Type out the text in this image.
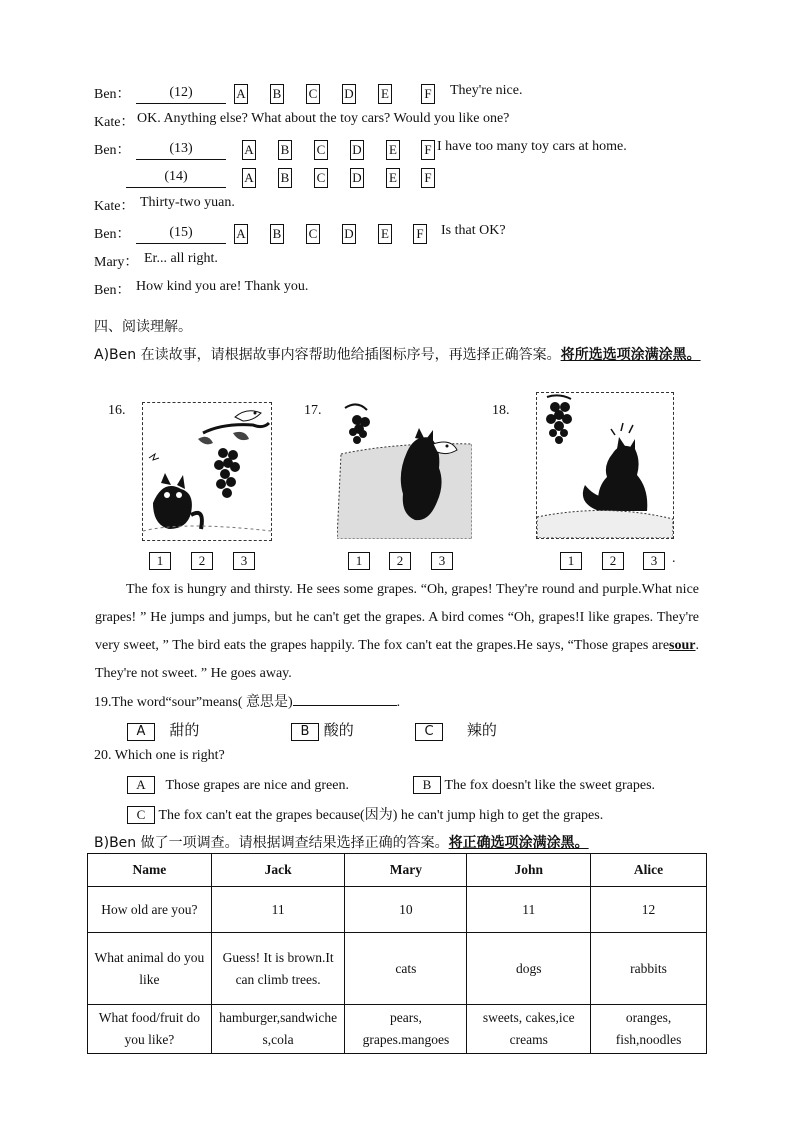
Ben：	(12)	A B C D E	F They're nice.
Kate： OK. Anything else? What about the toy cars? Would you like one?
Ben：	(13)	A B C D E F I have too many toy cars at home.
(14)	A B C D E F
Kate： Thirty-two yuan.
Ben：	(15)	A B C D E F Is that OK?
Mary： Er... all right.
Ben： How kind you are! Thank you.
四、阅读理解。
A)Ben 在读故事，请根据故事内容帮助他给插图标序号，再选择正确答案。将所选选项涂满涂黑。
16.
1	2	3
17.
1	2	3
18.
1	2	3	.
The fox is hungry and thirsty. He sees some grapes. “Oh, grapes! They're round and purple.What nice grapes! ” He jumps and jumps, but he can't get the grapes. A bird comes “Oh, grapes!I like grapes. They're very sweet, ” The bird eats the grapes happily. The fox can't eat the grapes.He says, “Those grapes aresour. They're not sweet. ” He goes away.
19.The word“sour”means( 意思是)	.
A 甜的	B 酸的	C 辣的
20. Which one is right?
A Those grapes are nice and green.	B The fox doesn't like the sweet grapes.
C The fox can't eat the grapes because(因为) he can't jump high to get the grapes.
B)Ben 做了一项调查。请根据调查结果选择正确的答案。将正确选项涂满涂黑。
Name	Jack	Mary	John	Alice
How old are you?	11	10	11	12
What animal do you like	Guess! It is brown.It can climb trees.	cats	dogs	rabbits
What food/fruit do you like?	hamburger,sandwiches,cola	pears, grapes.mangoes	sweets, cakes,ice creams	oranges, fish,noodles
